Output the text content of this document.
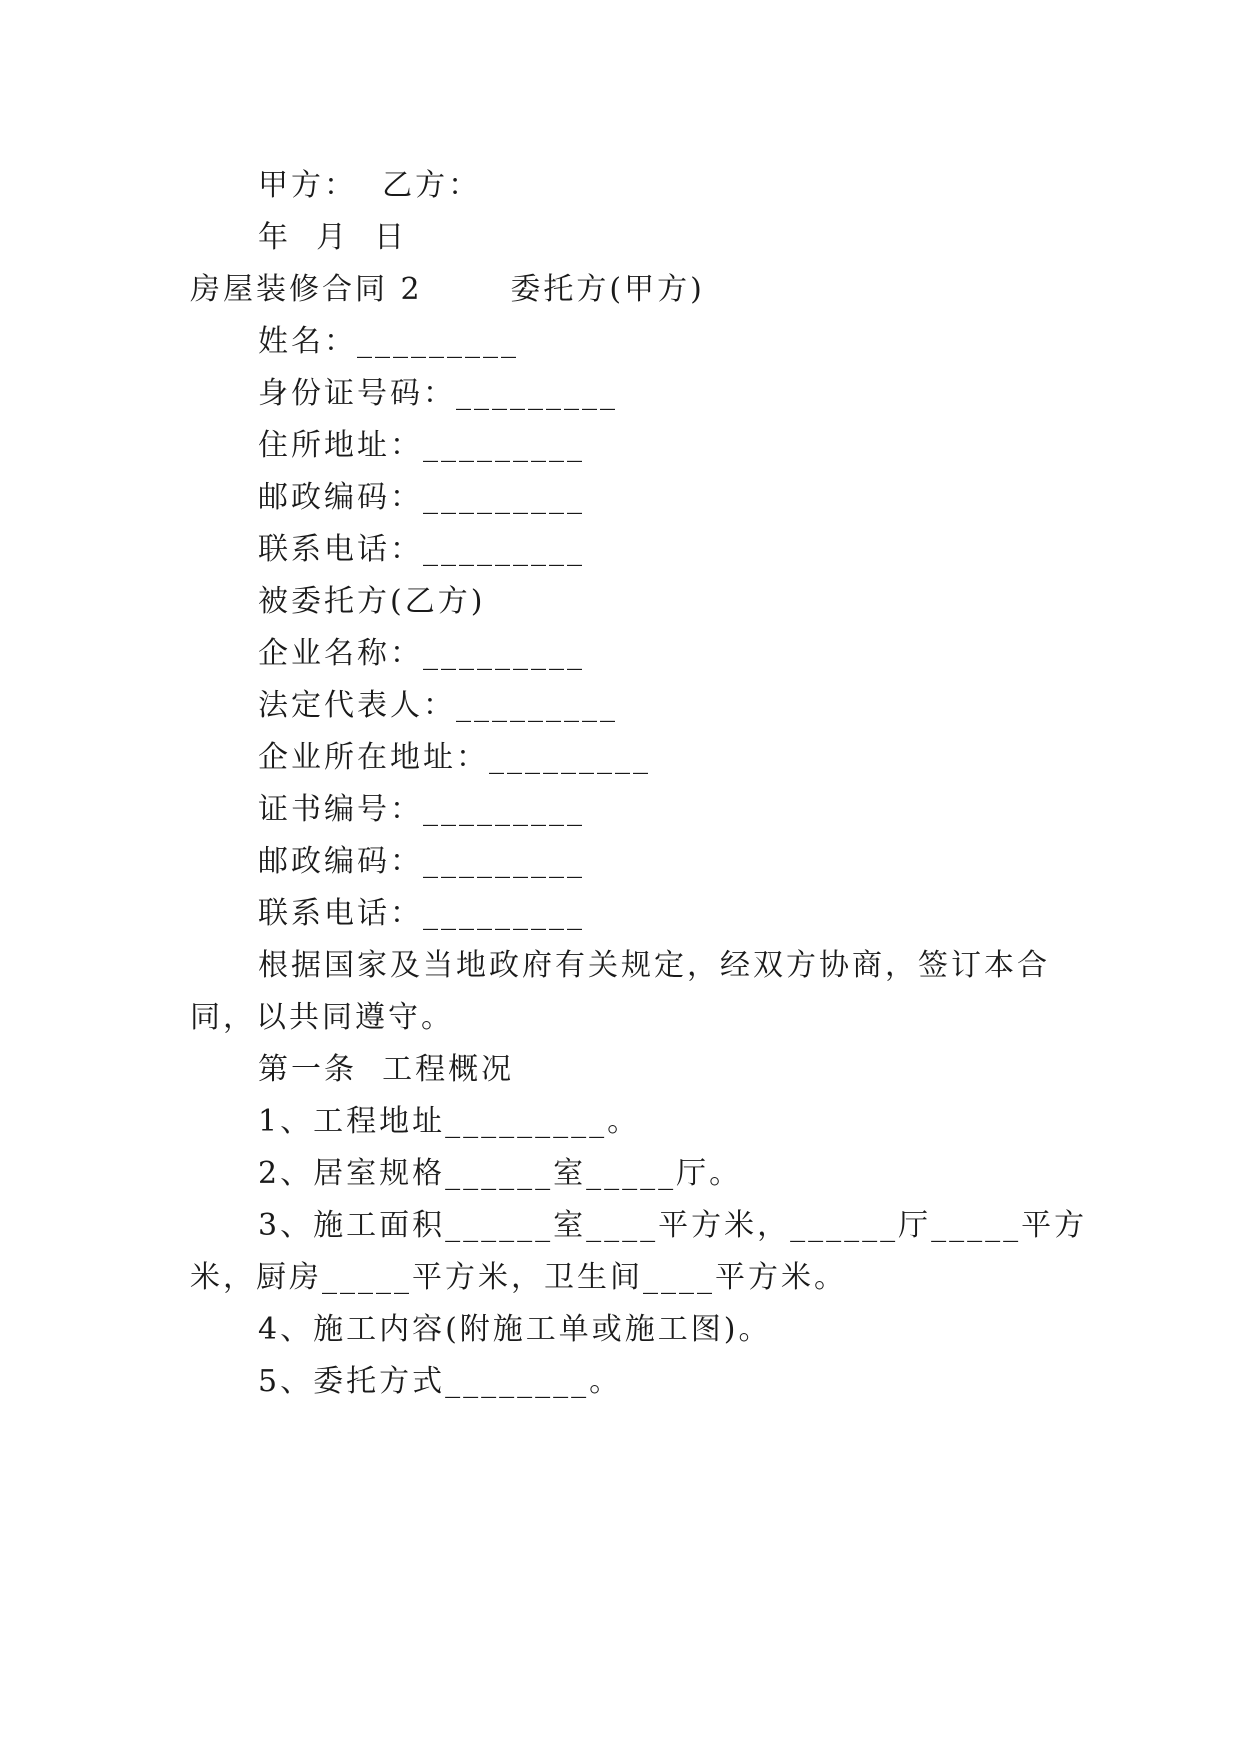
甲方：  乙方：
年  月  日
房屋装修合同 2       委托方(甲方)
姓名：_________
身份证号码：_________
住所地址：_________
邮政编码：_________
联系电话：_________
被委托方(乙方)
企业名称：_________
法定代表人：_________
企业所在地址：_________
证书编号：_________
邮政编码：_________
联系电话：_________
根据国家及当地政府有关规定，经双方协商，签订本合
同，以共同遵守。
第一条  工程概况
1、工程地址_________。
2、居室规格______室_____厅。
3、施工面积______室____平方米，______厅_____平方
米，厨房_____平方米，卫生间____平方米。
4、施工内容(附施工单或施工图)。
5、委托方式________。
